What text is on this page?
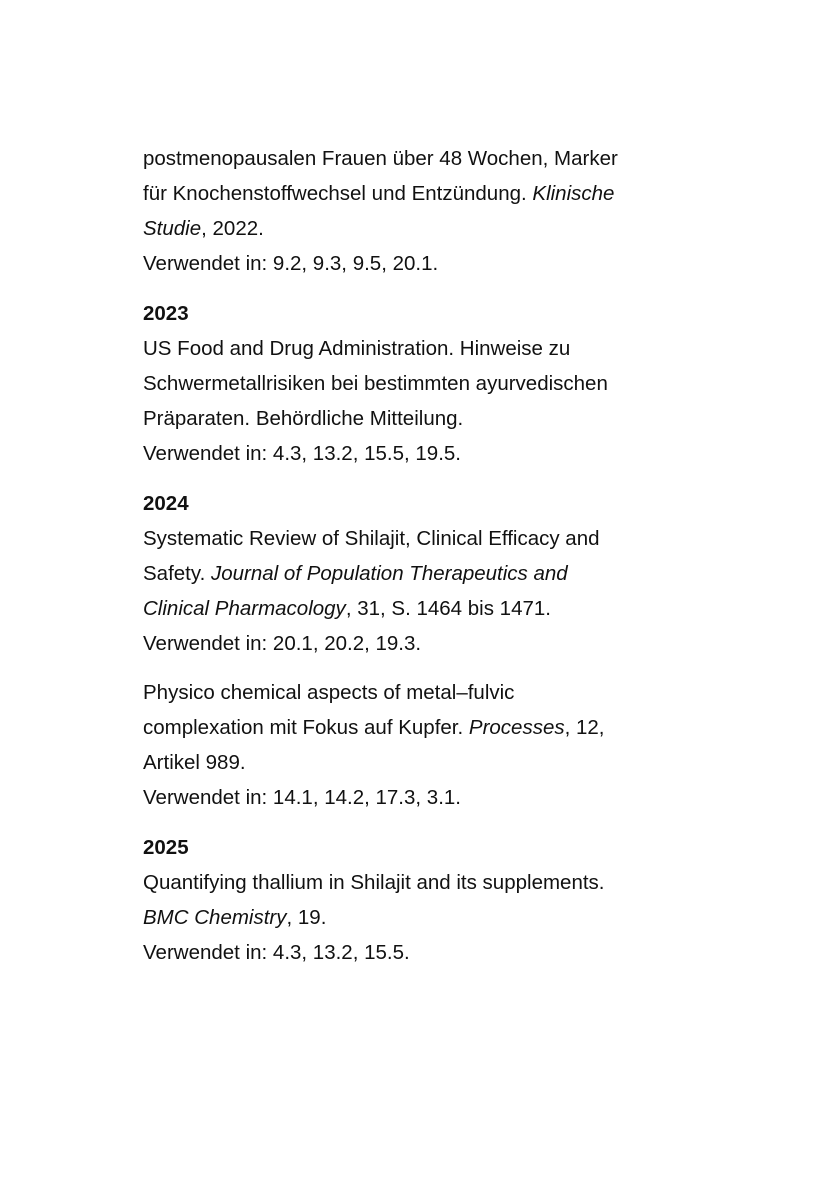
postmenopausalen Frauen über 48 Wochen, Marker
für Knochenstoffwechsel und Entzündung. Klinische
Studie, 2022.
Verwendet in: 9.2, 9.3, 9.5, 20.1.
2023
US Food and Drug Administration. Hinweise zu
Schwermetallrisiken bei bestimmten ayurvedischen
Präparaten. Behördliche Mitteilung.
Verwendet in: 4.3, 13.2, 15.5, 19.5.
2024
Systematic Review of Shilajit, Clinical Efficacy and
Safety. Journal of Population Therapeutics and
Clinical Pharmacology, 31, S. 1464 bis 1471.
Verwendet in: 20.1, 20.2, 19.3.
Physico chemical aspects of metal–fulvic
complexation mit Fokus auf Kupfer. Processes, 12,
Artikel 989.
Verwendet in: 14.1, 14.2, 17.3, 3.1.
2025
Quantifying thallium in Shilajit and its supplements.
BMC Chemistry, 19.
Verwendet in: 4.3, 13.2, 15.5.
